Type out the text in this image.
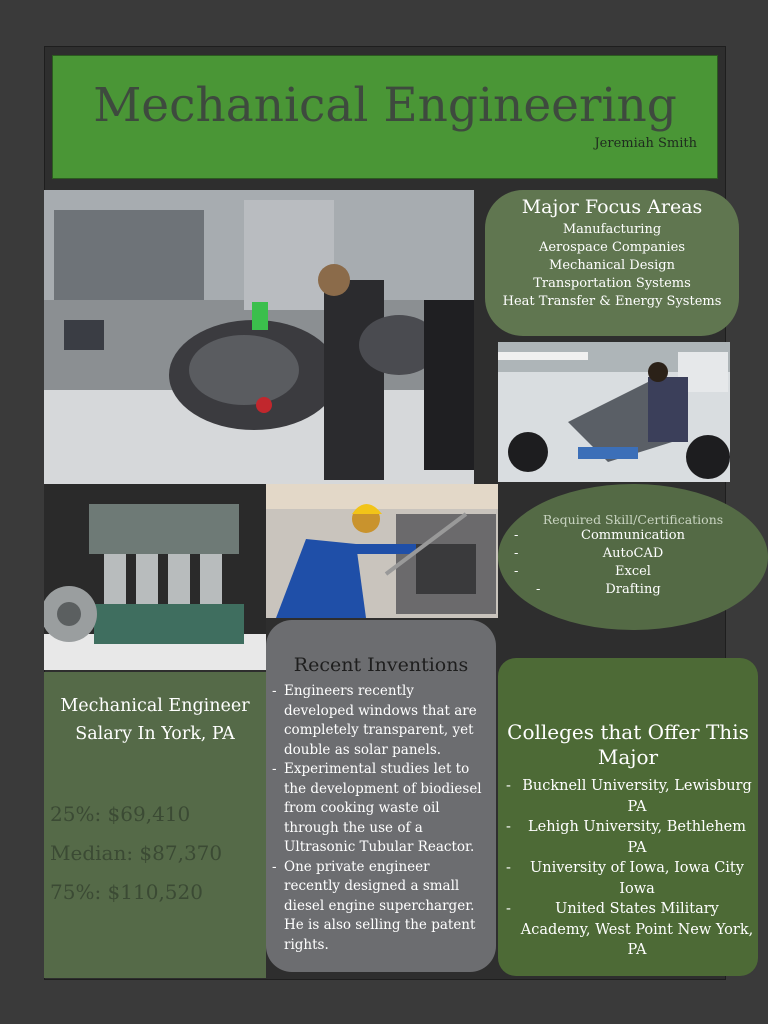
Mechanical Engineering
Jeremiah Smith
Major Focus Areas
Manufacturing
Aerospace Companies
Mechanical Design
Transportation Systems
Heat Transfer & Energy Systems
Required Skill/Certifications
-	Communication
-	AutoCAD
-	Excel
-	Drafting
Mechanical Engineer Salary In York, PA
25%: $69,410
Median: $87,370
75%: $110,520
Recent Inventions
- Engineers recently developed windows that are completely transparent, yet double as solar panels.
- Experimental studies let to the development of biodiesel from cooking waste oil through the use of a Ultrasonic Tubular Reactor.
- One private engineer recently designed a small diesel engine supercharger. He is also selling the patent rights.
Colleges that Offer This Major
- Bucknell University, Lewisburg PA
- Lehigh University, Bethlehem PA
- University of Iowa, Iowa City Iowa
- United States Military Academy, West Point New York, PA
